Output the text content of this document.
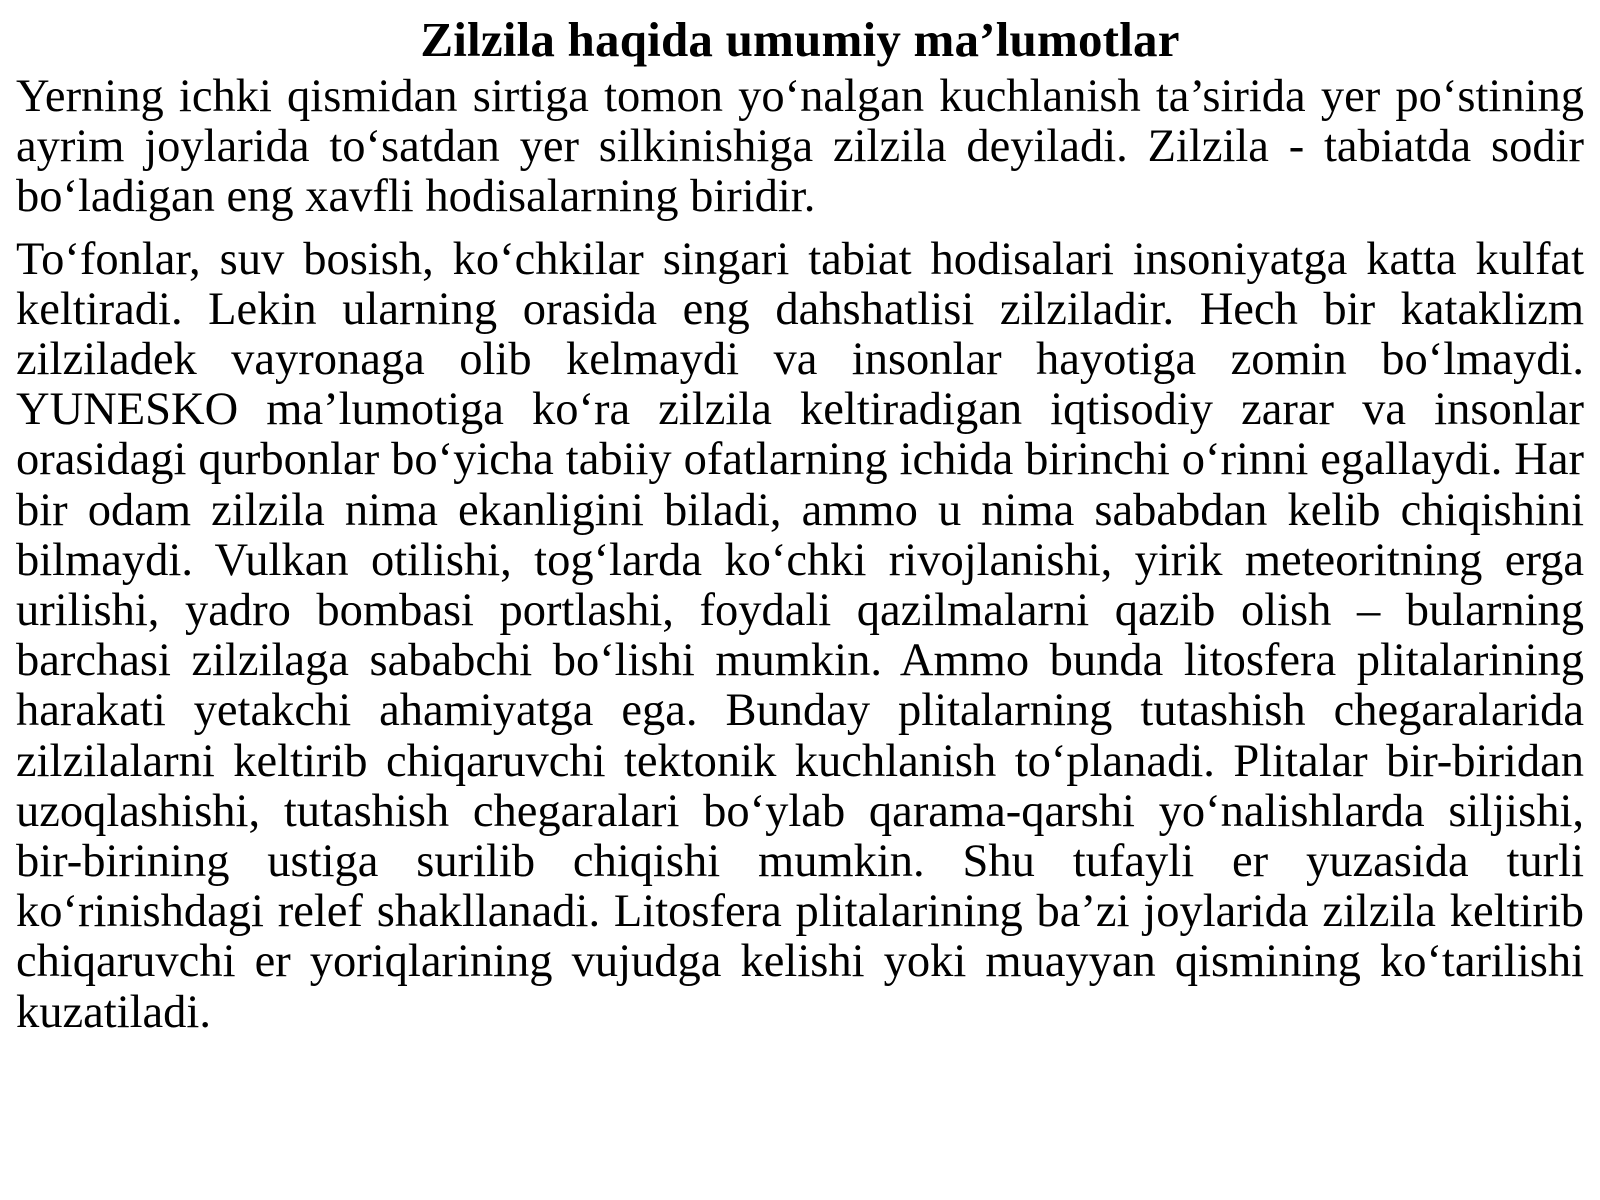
Zilzila haqida umumiy ma’lumotlar

Yerning ichki qismidan sirtiga tomon yo‘nalgan kuchlanish ta’sirida yer po‘stining ayrim joylarida to‘satdan yer silkinishiga zilzila deyiladi. Zilzila - tabiatda sodir bo‘ladigan eng xavfli hodisalarning biridir.

To‘fonlar, suv bosish, ko‘chkilar singari tabiat hodisalari insoniyatga katta kulfat keltiradi. Lekin ularning orasida eng dahshatlisi zilziladir. Hech bir kataklizm zilziladek vayronaga olib kelmaydi va insonlar hayotiga zomin bo‘lmaydi. YUNESKO ma’lumotiga ko‘ra zilzila keltiradigan iqtisodiy zarar va insonlar orasidagi qurbonlar bo‘yicha tabiiy ofatlarning ichida birinchi o‘rinni egallaydi. Har bir odam zilzila nima ekanligini biladi, ammo u nima sababdan kelib chiqishini bilmaydi. Vulkan otilishi, tog‘larda ko‘chki rivojlanishi, yirik meteoritning erga urilishi, yadro bombasi portlashi, foydali qazilmalarni qazib olish – bularning barchasi zilzilaga sababchi bo‘lishi mumkin. Ammo bunda litosfera plitalarining harakati yetakchi ahamiyatga ega. Bunday plitalarning tutashish chegaralarida zilzilalarni keltirib chiqaruvchi tektonik kuchlanish to‘planadi. Plitalar bir-biridan uzoqlashishi, tutashish chegaralari bo‘ylab qarama-qarshi yo‘nalishlarda siljishi, bir-birining ustiga surilib chiqishi mumkin. Shu tufayli er yuzasida turli ko‘rinishdagi relef shakllanadi. Litosfera plitalarining ba’zi joylarida zilzila keltirib chiqaruvchi er yoriqlarining vujudga kelishi yoki muayyan qismining ko‘tarilishi kuzatiladi.
